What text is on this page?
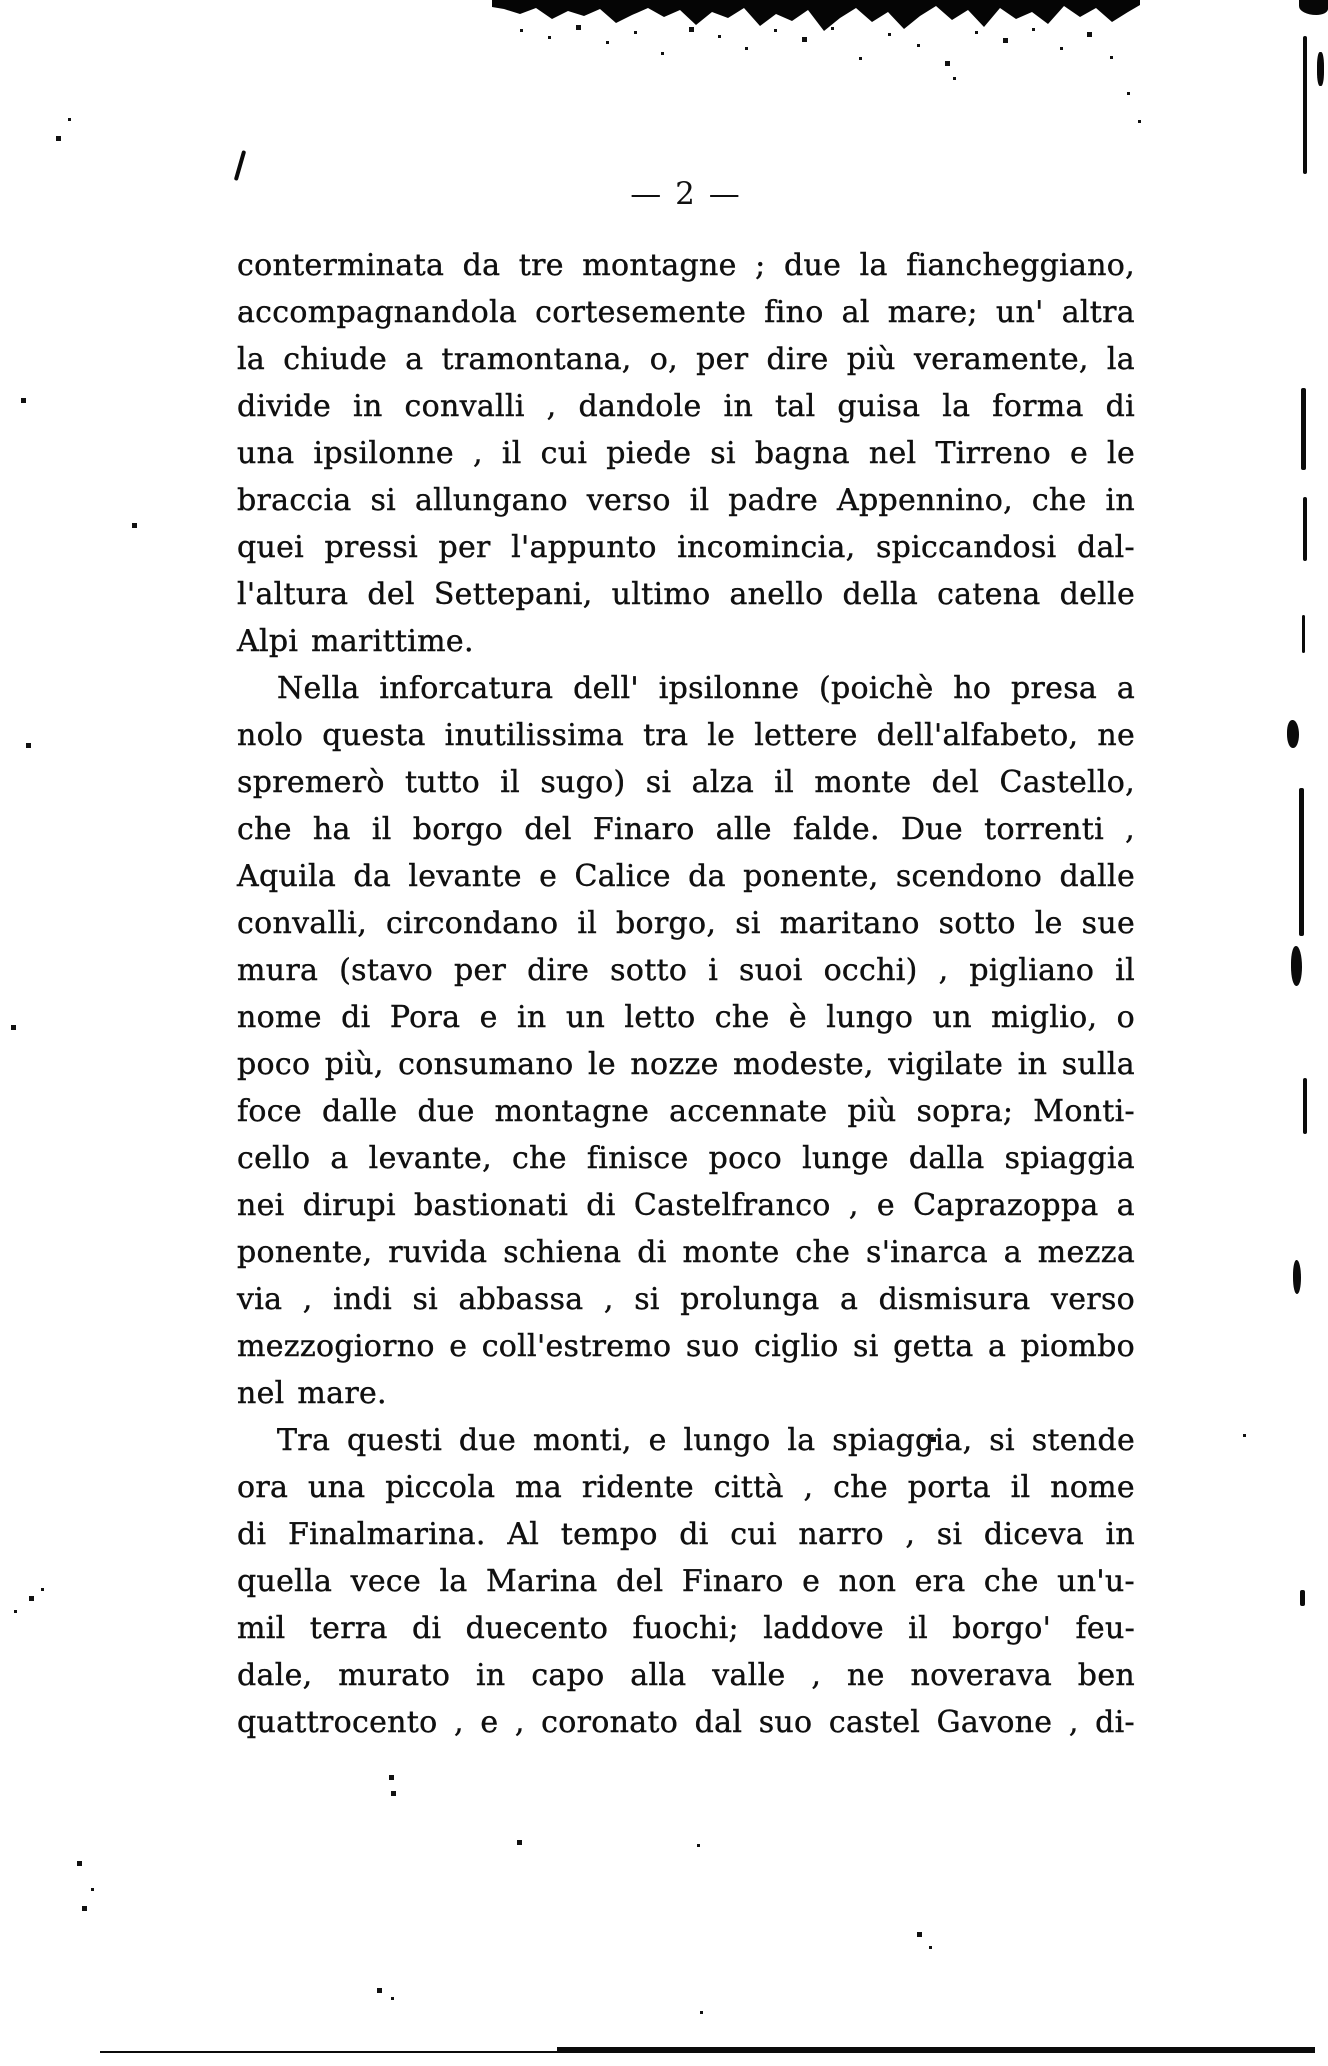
— 2 —
conterminata da tre montagne ; due la fiancheggiano,
accompagnandola cortesemente fino al mare; un' altra
la chiude a tramontana, o, per dire più veramente, la
divide in convalli , dandole in tal guisa la forma di
una ipsilonne , il cui piede si bagna nel Tirreno e le
braccia si allungano verso il padre Appennino, che in
quei pressi per l'appunto incomincia, spiccandosi dal-
l'altura del Settepani, ultimo anello della catena delle
Alpi marittime.
Nella inforcatura dell' ipsilonne (poichè ho presa a
nolo questa inutilissima tra le lettere dell'alfabeto, ne
spremerò tutto il sugo) si alza il monte del Castello,
che ha il borgo del Finaro alle falde. Due torrenti ,
Aquila da levante e Calice da ponente, scendono dalle
convalli, circondano il borgo, si maritano sotto le sue
mura (stavo per dire sotto i suoi occhi) , pigliano il
nome di Pora e in un letto che è lungo un miglio, o
poco più, consumano le nozze modeste, vigilate in sulla
foce dalle due montagne accennate più sopra; Monti-
cello a levante, che finisce poco lunge dalla spiaggia
nei dirupi bastionati di Castelfranco , e Caprazoppa a
ponente, ruvida schiena di monte che s'inarca a mezza
via , indi si abbassa , si prolunga a dismisura verso
mezzogiorno e coll'estremo suo ciglio si getta a piombo
nel mare.
Tra questi due monti, e lungo la spiaggia, si stende
ora una piccola ma ridente città , che porta il nome
di Finalmarina. Al tempo di cui narro , si diceva in
quella vece la Marina del Finaro e non era che un'u-
mil terra di duecento fuochi; laddove il borgo' feu-
dale, murato in capo alla valle , ne noverava ben
quattrocento , e , coronato dal suo castel Gavone , di-
